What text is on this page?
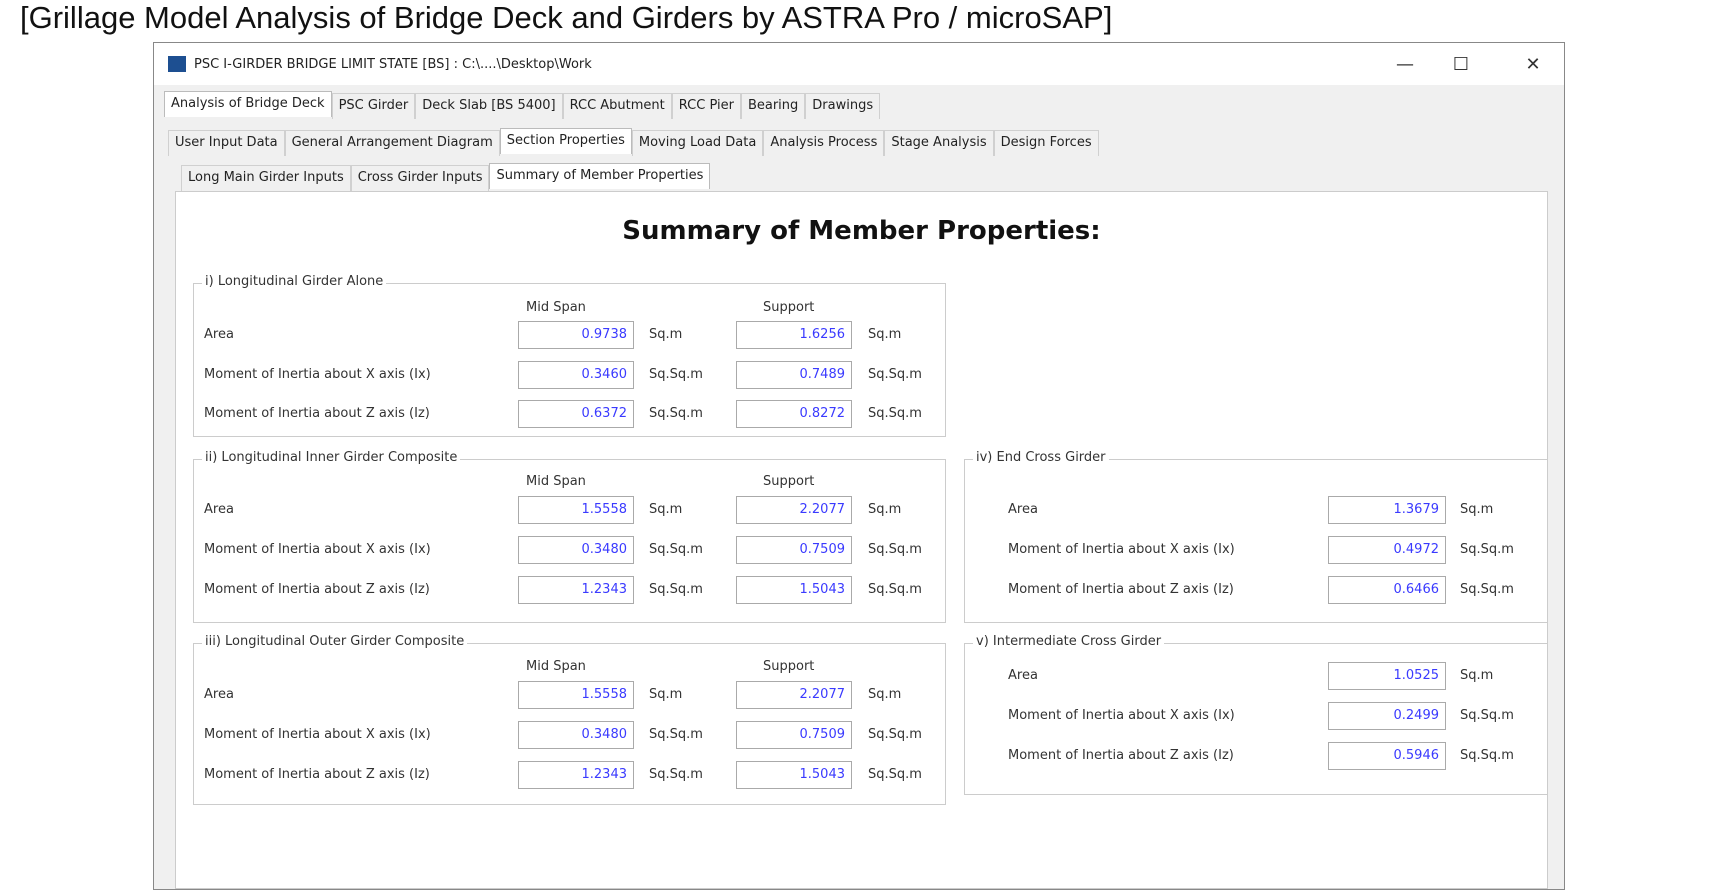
[Grillage Model Analysis of Bridge Deck and Girders by ASTRA Pro / microSAP]
PSC I-GIRDER BRIDGE LIMIT STATE [BS] : C:\....\Desktop\Work	—	☐	✕
Analysis of Bridge Deck	PSC Girder	Deck Slab [BS 5400]	RCC Abutment	RCC Pier	Bearing	Drawings
User Input Data	General Arrangement Diagram	Section Properties	Moving Load Data	Analysis Process	Stage Analysis	Design Forces
Long Main Girder Inputs	Cross Girder Inputs	Summary of Member Properties
Summary of Member Properties:
i) Longitudinal Girder Alone
Mid Span	Support
Area	0.9738	Sq.m	1.6256	Sq.m
Moment of Inertia about X axis (Ix)	0.3460	Sq.Sq.m	0.7489	Sq.Sq.m
Moment of Inertia about Z axis (Iz)	0.6372	Sq.Sq.m	0.8272	Sq.Sq.m
ii) Longitudinal Inner Girder Composite
Mid Span	Support
Area	1.5558	Sq.m	2.2077	Sq.m
Moment of Inertia about X axis (Ix)	0.3480	Sq.Sq.m	0.7509	Sq.Sq.m
Moment of Inertia about Z axis (Iz)	1.2343	Sq.Sq.m	1.5043	Sq.Sq.m
iii) Longitudinal Outer Girder Composite
Mid Span	Support
Area	1.5558	Sq.m	2.2077	Sq.m
Moment of Inertia about X axis (Ix)	0.3480	Sq.Sq.m	0.7509	Sq.Sq.m
Moment of Inertia about Z axis (Iz)	1.2343	Sq.Sq.m	1.5043	Sq.Sq.m
iv) End Cross Girder
Area	1.3679	Sq.m
Moment of Inertia about X axis (Ix)	0.4972	Sq.Sq.m
Moment of Inertia about Z axis (Iz)	0.6466	Sq.Sq.m
v) Intermediate Cross Girder
Area	1.0525	Sq.m
Moment of Inertia about X axis (Ix)	0.2499	Sq.Sq.m
Moment of Inertia about Z axis (Iz)	0.5946	Sq.Sq.m
